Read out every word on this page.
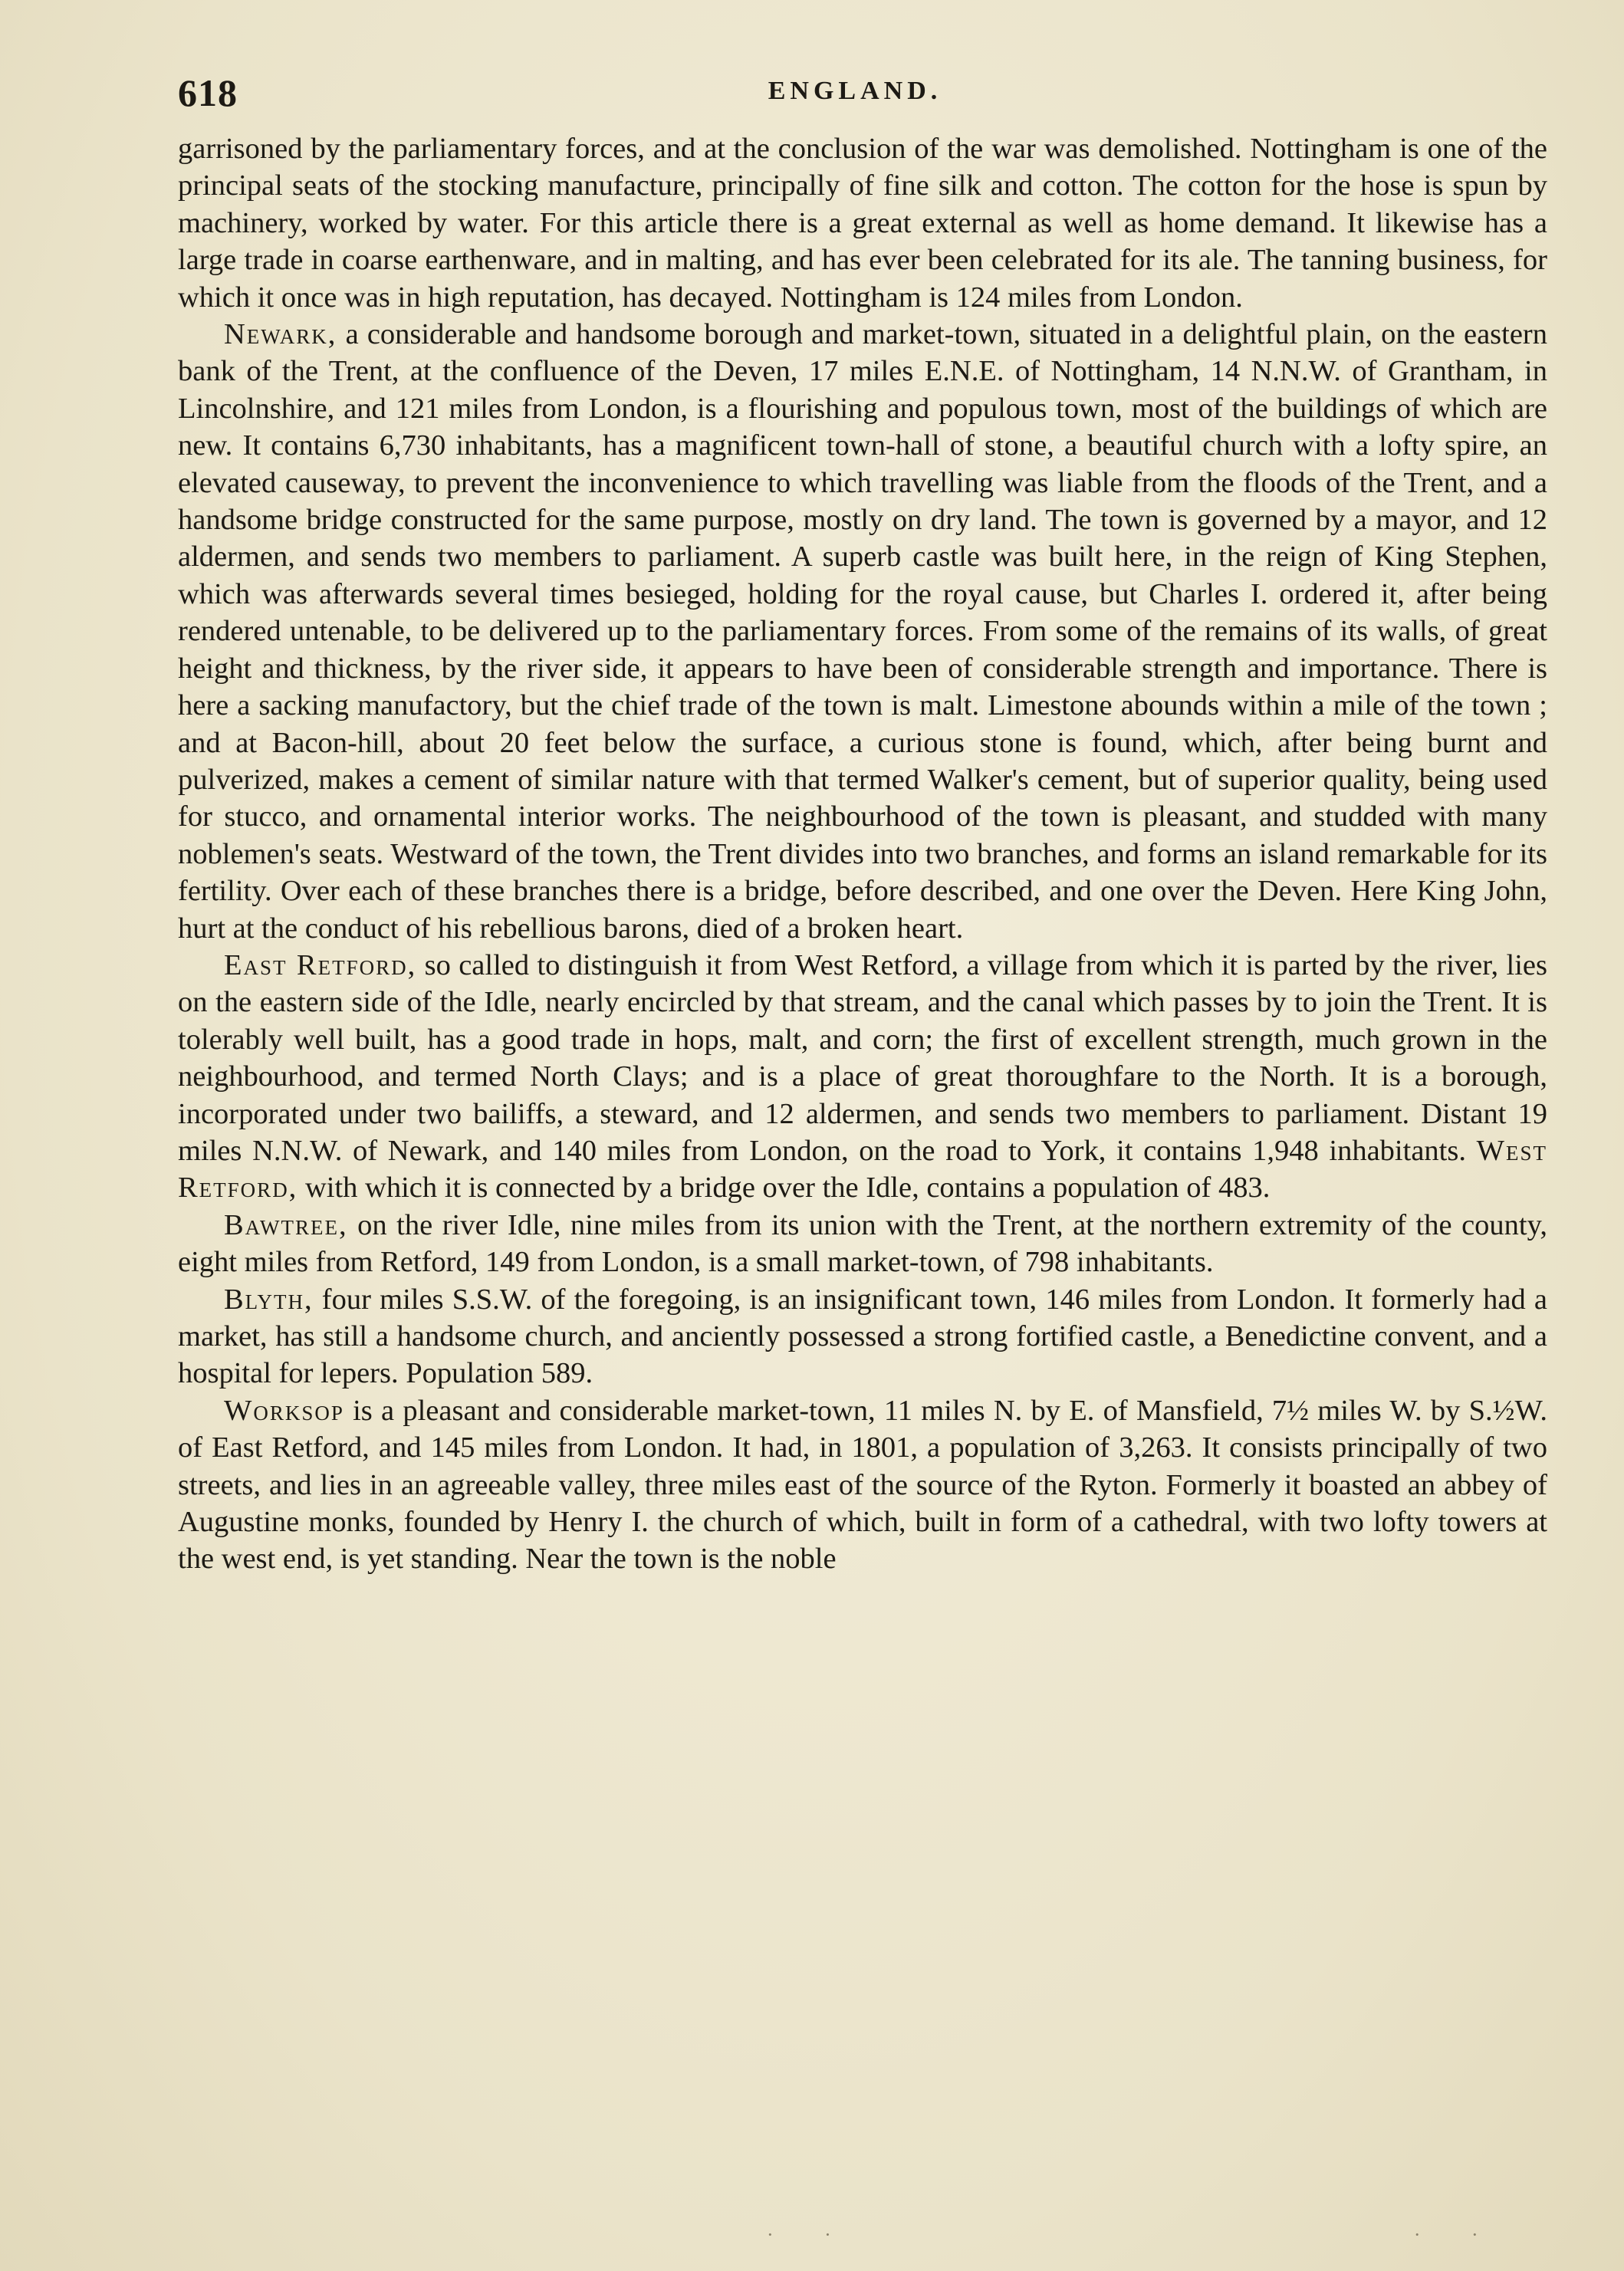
618	ENGLAND.

garrisoned by the parliamentary forces, and at the conclusion of the war was demolished. Nottingham is one of the principal seats of the stocking manufacture, principally of fine silk and cotton. The cotton for the hose is spun by machinery, worked by water. For this article there is a great external as well as home demand. It likewise has a large trade in coarse earthenware, and in malting, and has ever been celebrated for its ale. The tanning business, for which it once was in high reputation, has decayed. Nottingham is 124 miles from London.

Newark, a considerable and handsome borough and market-town, situated in a delightful plain, on the eastern bank of the Trent, at the confluence of the Deven, 17 miles E.N.E. of Nottingham, 14 N.N.W. of Grantham, in Lincolnshire, and 121 miles from London, is a flourishing and populous town, most of the buildings of which are new. It contains 6,730 inhabitants, has a magnificent town-hall of stone, a beautiful church with a lofty spire, an elevated causeway, to prevent the inconvenience to which travelling was liable from the floods of the Trent, and a handsome bridge constructed for the same purpose, mostly on dry land. The town is governed by a mayor, and 12 aldermen, and sends two members to parliament. A superb castle was built here, in the reign of King Stephen, which was afterwards several times besieged, holding for the royal cause, but Charles I. ordered it, after being rendered untenable, to be delivered up to the parliamentary forces. From some of the remains of its walls, of great height and thickness, by the river side, it appears to have been of considerable strength and importance. There is here a sacking manufactory, but the chief trade of the town is malt. Limestone abounds within a mile of the town ; and at Bacon-hill, about 20 feet below the surface, a curious stone is found, which, after being burnt and pulverized, makes a cement of similar nature with that termed Walker's cement, but of superior quality, being used for stucco, and ornamental interior works. The neighbourhood of the town is pleasant, and studded with many noblemen's seats. Westward of the town, the Trent divides into two branches, and forms an island remarkable for its fertility. Over each of these branches there is a bridge, before described, and one over the Deven. Here King John, hurt at the conduct of his rebellious barons, died of a broken heart.

East Retford, so called to distinguish it from West Retford, a village from which it is parted by the river, lies on the eastern side of the Idle, nearly encircled by that stream, and the canal which passes by to join the Trent. It is tolerably well built, has a good trade in hops, malt, and corn; the first of excellent strength, much grown in the neighbourhood, and termed North Clays; and is a place of great thoroughfare to the North. It is a borough, incorporated under two bailiffs, a steward, and 12 aldermen, and sends two members to parliament. Distant 19 miles N.N.W. of Newark, and 140 miles from London, on the road to York, it contains 1,948 inhabitants. West Retford, with which it is connected by a bridge over the Idle, contains a population of 483.

Bawtree, on the river Idle, nine miles from its union with the Trent, at the northern extremity of the county, eight miles from Retford, 149 from London, is a small market-town, of 798 inhabitants.

Blyth, four miles S.S.W. of the foregoing, is an insignificant town, 146 miles from London. It formerly had a market, has still a handsome church, and anciently possessed a strong fortified castle, a Benedictine convent, and a hospital for lepers. Population 589.

Worksop is a pleasant and considerable market-town, 11 miles N. by E. of Mansfield, 7½ miles W. by S.½W. of East Retford, and 145 miles from London. It had, in 1801, a population of 3,263. It consists principally of two streets, and lies in an agreeable valley, three miles east of the source of the Ryton. Formerly it boasted an abbey of Augustine monks, founded by Henry I. the church of which, built in form of a cathedral, with two lofty towers at the west end, is yet standing. Near the town is the noble

· ·                    · ·
